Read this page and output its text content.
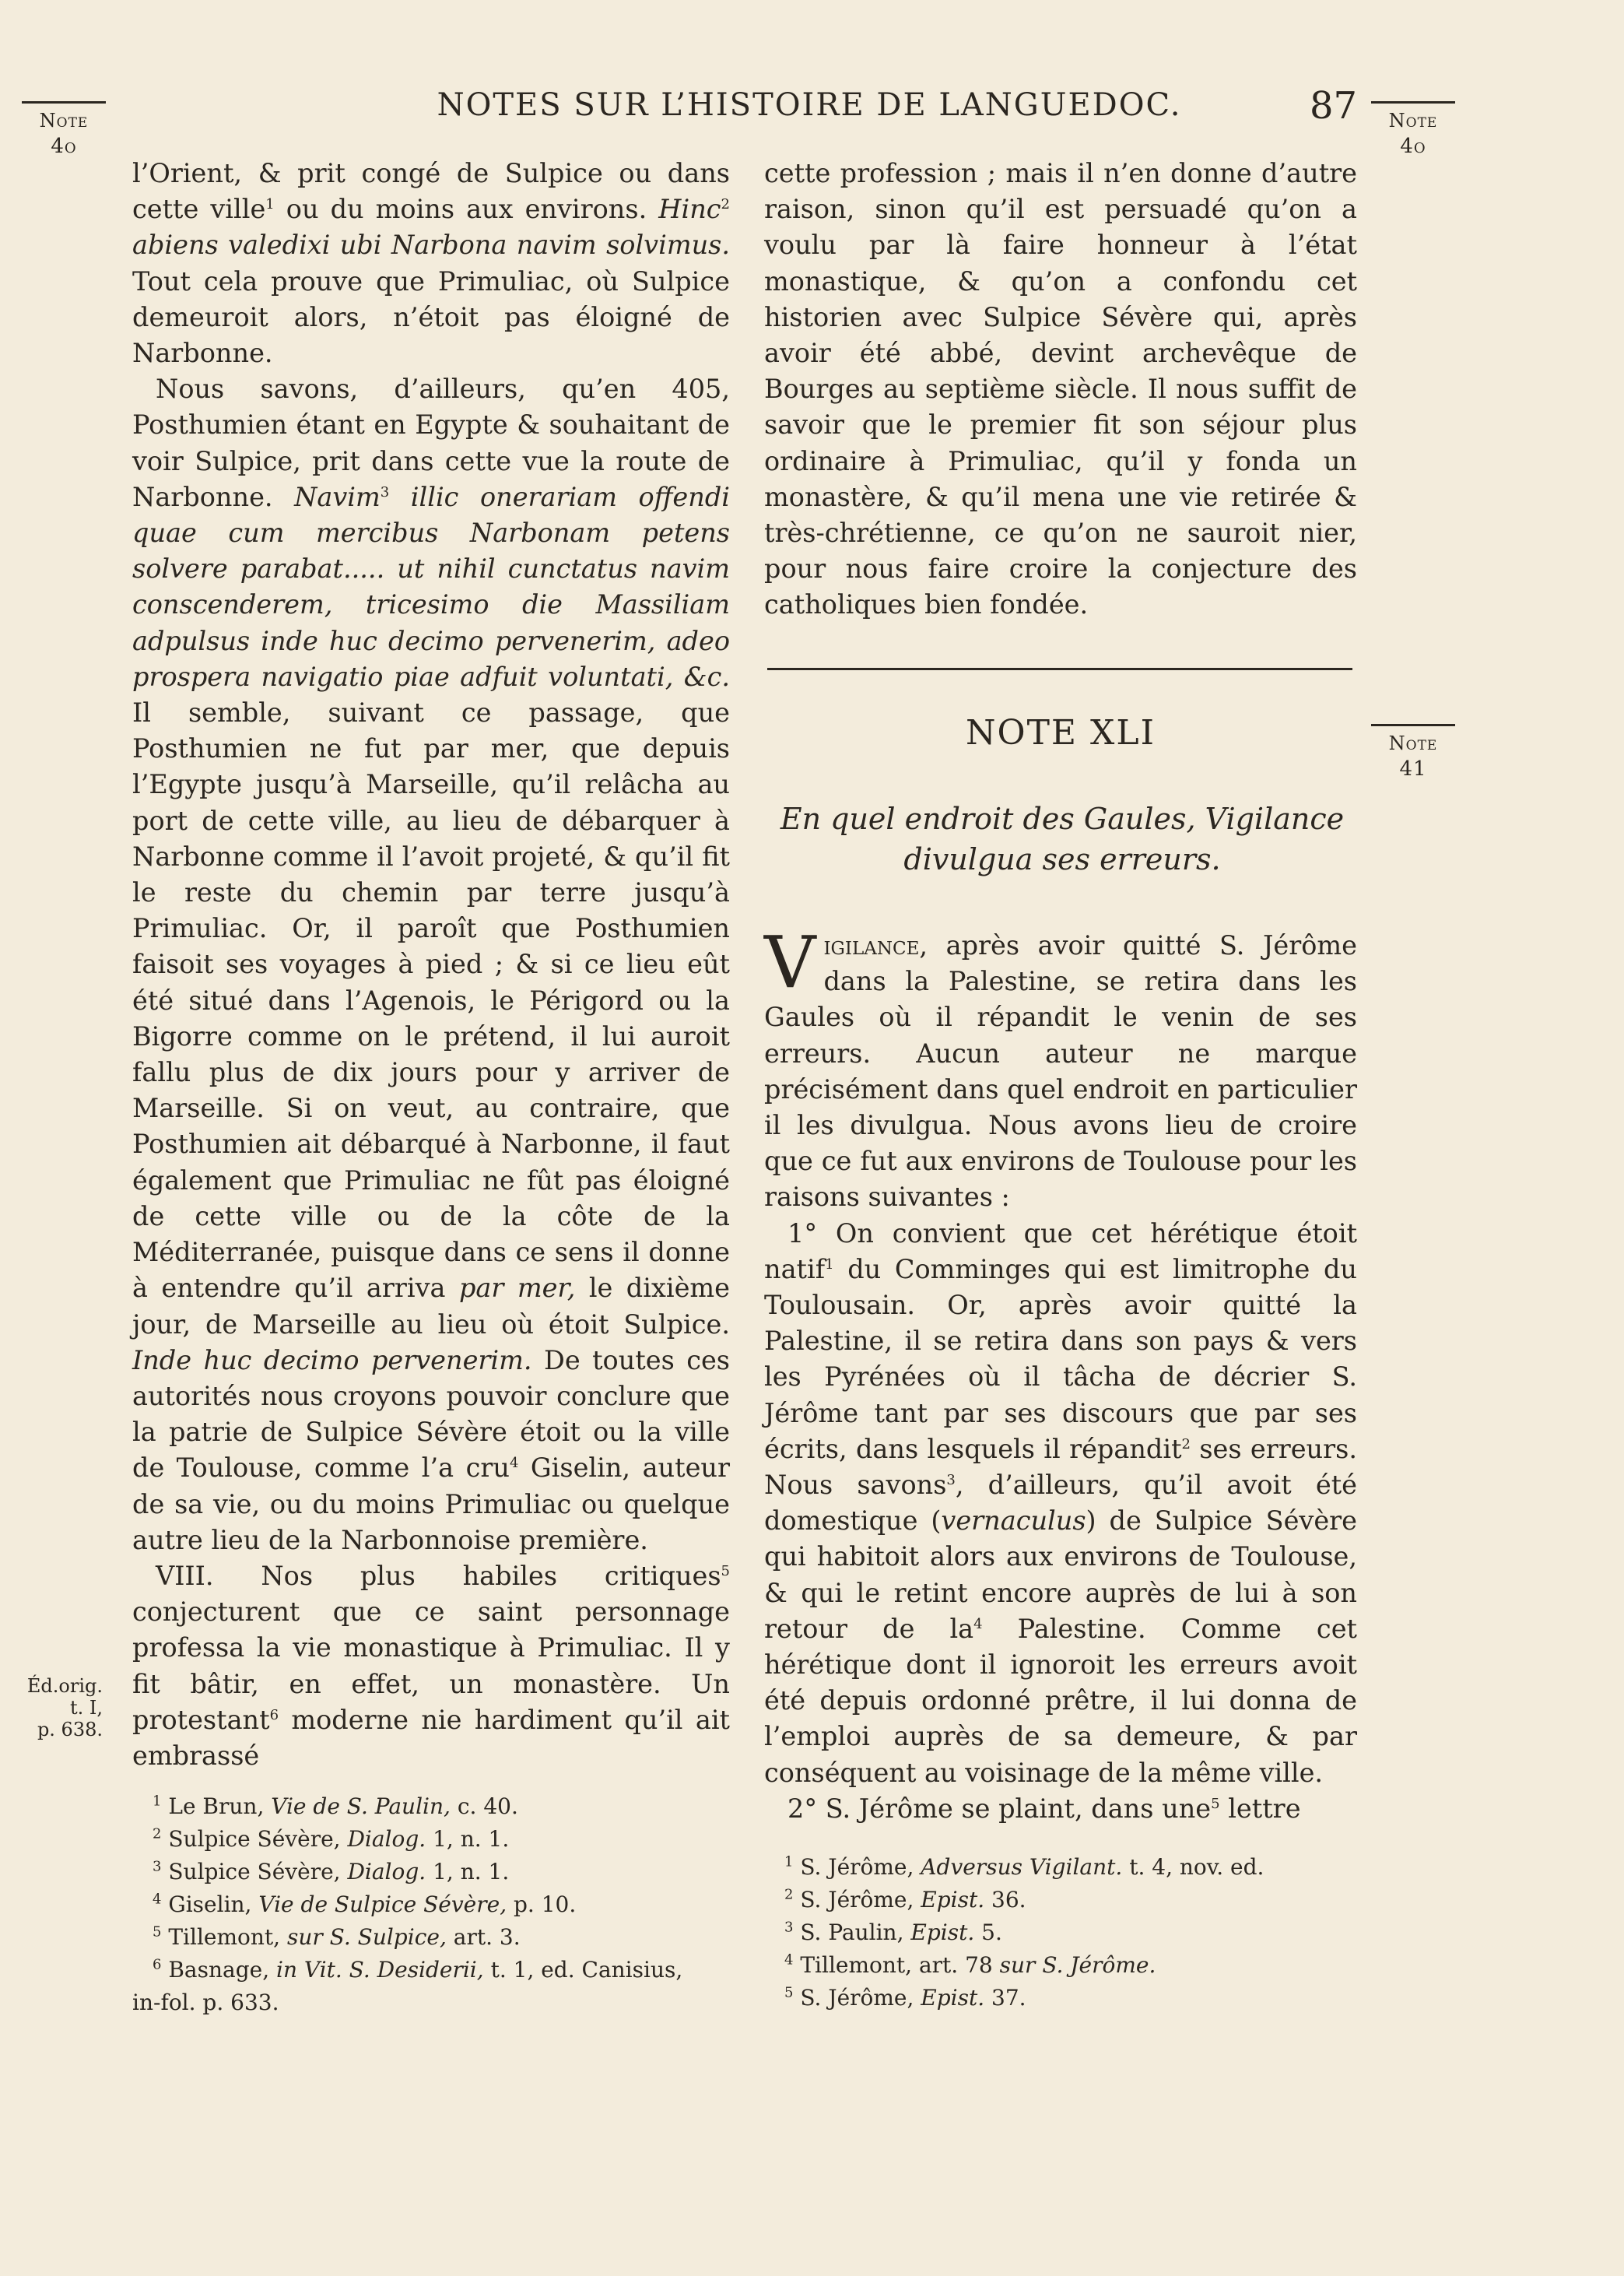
NOTES SUR L’HISTOIRE DE LANGUEDOC.	87
Note
4o
Note
4o
Note
41
Éd.orig.
t. I,
p. 638.

l’Orient, & prit congé de Sulpice ou dans cette ville$^1$ ou du moins aux environs. Hinc$^2$ abiens valedixi ubi Narbona navim solvimus. Tout cela prouve que Primuliac, où Sulpice demeuroit alors, n’étoit pas éloigné de Narbonne.

Nous savons, d’ailleurs, qu’en 405, Posthumien étant en Egypte & souhaitant de voir Sulpice, prit dans cette vue la route de Narbonne. Navim$^3$ illic onerariam offendi quae cum mercibus Narbonam petens solvere parabat..... ut nihil cunctatus navim conscenderem, tricesimo die Massiliam adpulsus inde huc decimo pervenerim, adeo prospera navigatio piae adfuit voluntati, &c. Il semble, suivant ce passage, que Posthumien ne fut par mer, que depuis l’Egypte jusqu’à Marseille, qu’il relâcha au port de cette ville, au lieu de débarquer à Narbonne comme il l’avoit projeté, & qu’il fit le reste du chemin par terre jusqu’à Primuliac. Or, il paroît que Posthumien faisoit ses voyages à pied ; & si ce lieu eût été situé dans l’Agenois, le Périgord ou la Bigorre comme on le prétend, il lui auroit fallu plus de dix jours pour y arriver de Marseille. Si on veut, au contraire, que Posthumien ait débarqué à Narbonne, il faut également que Primuliac ne fût pas éloigné de cette ville ou de la côte de la Méditerranée, puisque dans ce sens il donne à entendre qu’il arriva par mer, le dixième jour, de Marseille au lieu où étoit Sulpice. Inde huc decimo pervenerim. De toutes ces autorités nous croyons pouvoir conclure que la patrie de Sulpice Sévère étoit ou la ville de Toulouse, comme l’a cru$^4$ Giselin, auteur de sa vie, ou du moins Primuliac ou quelque autre lieu de la Narbonnoise première.

VIII. Nos plus habiles critiques$^5$ conjecturent que ce saint personnage professa la vie monastique à Primuliac. Il y fit bâtir, en effet, un monastère. Un protestant$^6$ moderne nie hardiment qu’il ait embrassé

$^1$ Le Brun, Vie de S. Paulin, c. 40.
$^2$ Sulpice Sévère, Dialog. 1, n. 1.
$^3$ Sulpice Sévère, Dialog. 1, n. 1.
$^4$ Giselin, Vie de Sulpice Sévère, p. 10.
$^5$ Tillemont, sur S. Sulpice, art. 3.
$^6$ Basnage, in Vit. S. Desiderii, t. 1, ed. Canisius,
in-fol. p. 633.

cette profession ; mais il n’en donne d’autre raison, sinon qu’il est persuadé qu’on a voulu par là faire honneur à l’état monastique, & qu’on a confondu cet historien avec Sulpice Sévère qui, après avoir été abbé, devint archevêque de Bourges au septième siècle. Il nous suffit de savoir que le premier fit son séjour plus ordinaire à Primuliac, qu’il y fonda un monastère, & qu’il mena une vie retirée & très-chrétienne, ce qu’on ne sauroit nier, pour nous faire croire la conjecture des catholiques bien fondée.

NOTE XLI
En quel endroit des Gaules, Vigilance divulgua ses erreurs.

Vigilance, après avoir quitté S. Jérôme dans la Palestine, se retira dans les Gaules où il répandit le venin de ses erreurs. Aucun auteur ne marque précisément dans quel endroit en particulier il les divulgua. Nous avons lieu de croire que ce fut aux environs de Toulouse pour les raisons suivantes :

1° On convient que cet hérétique étoit natif$^1$ du Comminges qui est limitrophe du Toulousain. Or, après avoir quitté la Palestine, il se retira dans son pays & vers les Pyrénées où il tâcha de décrier S. Jérôme tant par ses discours que par ses écrits, dans lesquels il répandit$^2$ ses erreurs. Nous savons$^3$, d’ailleurs, qu’il avoit été domestique (vernaculus) de Sulpice Sévère qui habitoit alors aux environs de Toulouse, & qui le retint encore auprès de lui à son retour de $la^4$ Palestine. Comme cet hérétique dont il ignoroit les erreurs avoit été depuis ordonné prêtre, il lui donna de l’emploi auprès de sa demeure, & par conséquent au voisinage de la même ville.

2° S. Jérôme se plaint, dans une$^5$ lettre

$^1$ S. Jérôme, Adversus Vigilant. t. 4, nov. ed.
$^2$ S. Jérôme, Epist. 36.
$^3$ S. Paulin, Epist. 5.
$^4$ Tillemont, art. 78 sur S. Jérôme.
$^5$ S. Jérôme, Epist. 37.
